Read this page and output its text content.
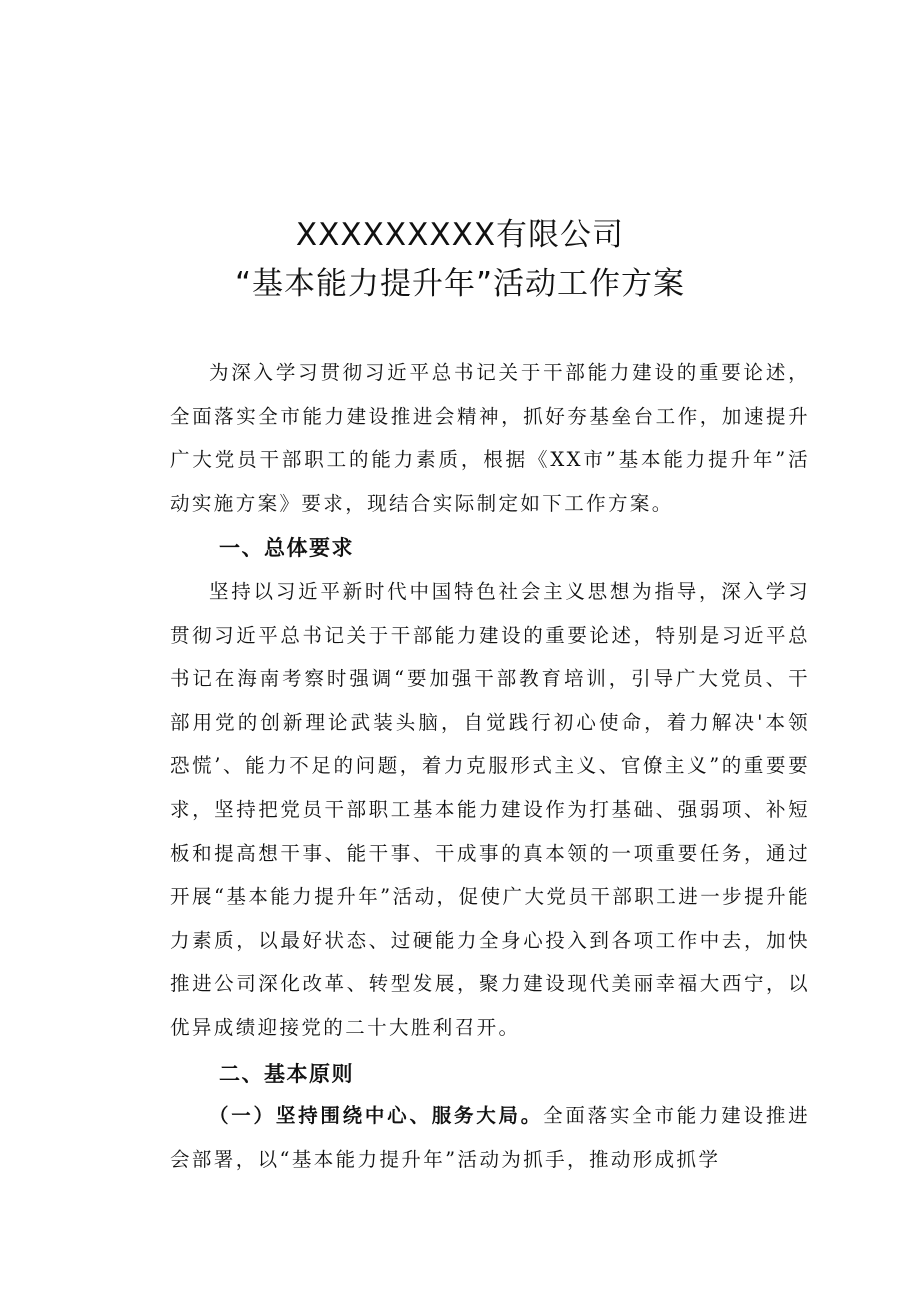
XXXXXXXXX有限公司
“基本能力提升年”活动工作方案

为深入学习贯彻习近平总书记关于干部能力建设的重要论述，全面落实全市能力建设推进会精神，抓好夯基垒台工作，加速提升广大党员干部职工的能力素质，根据《XX市”基本能力提升年”活动实施方案》要求，现结合实际制定如下工作方案。

一、总体要求

坚持以习近平新时代中国特色社会主义思想为指导，深入学习贯彻习近平总书记关于干部能力建设的重要论述，特别是习近平总书记在海南考察时强调“要加强干部教育培训，引导广大党员、干部用党的创新理论武装头脑，自觉践行初心使命，着力解决'本领恐慌’、能力不足的问题，着力克服形式主义、官僚主义”的重要要求，坚持把党员干部职工基本能力建设作为打基础、强弱项、补短板和提高想干事、能干事、干成事的真本领的一项重要任务，通过开展“基本能力提升年”活动，促使广大党员干部职工进一步提升能力素质，以最好状态、过硬能力全身心投入到各项工作中去，加快推进公司深化改革、转型发展，聚力建设现代美丽幸福大西宁，以优异成绩迎接党的二十大胜利召开。

二、基本原则

（一）坚持围绕中心、服务大局。全面落实全市能力建设推进会部署，以“基本能力提升年”活动为抓手，推动形成抓学
